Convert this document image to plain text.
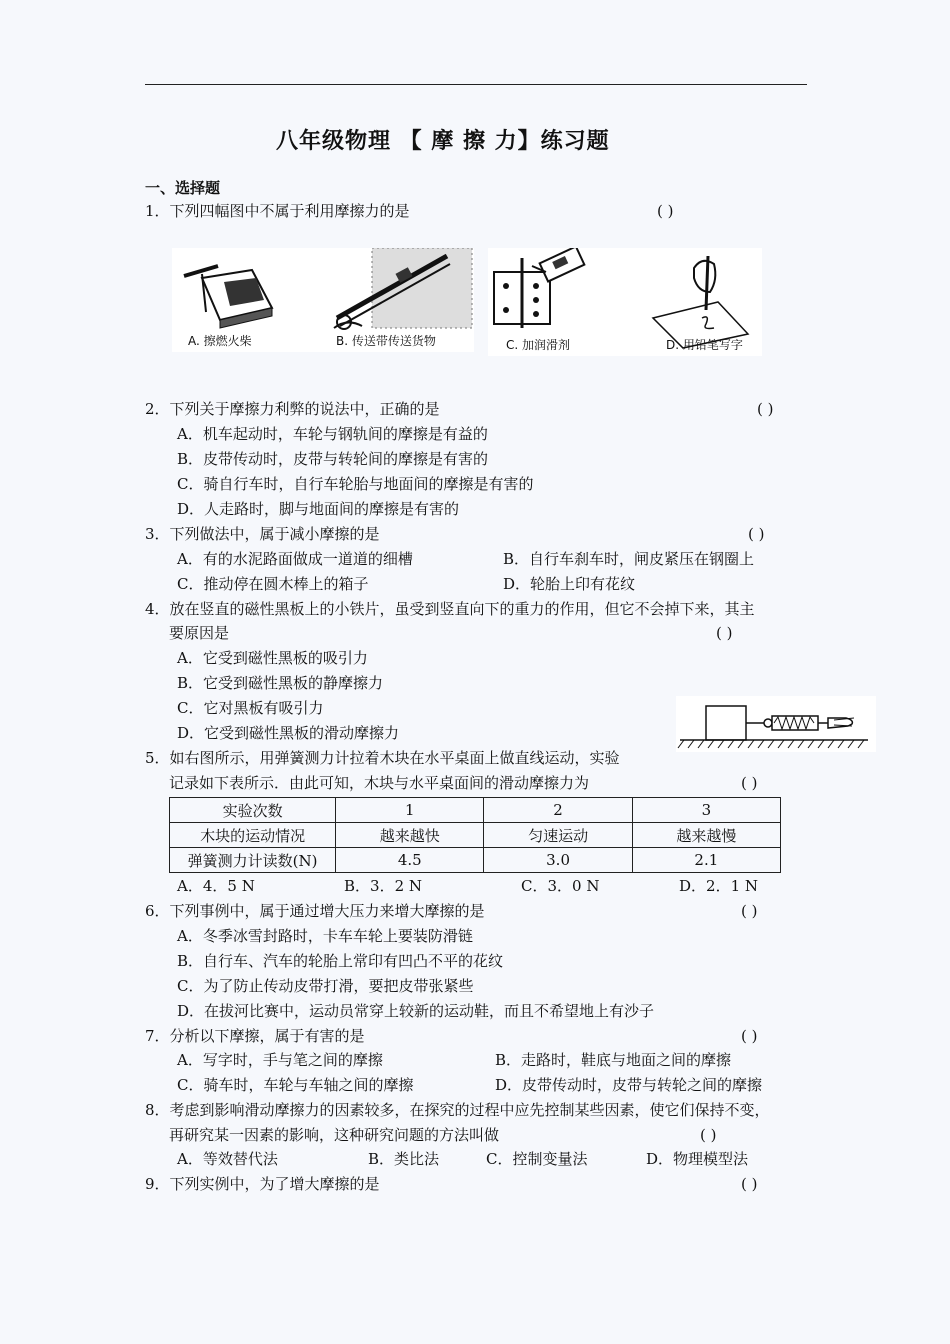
八年级物理 【 摩 擦 力】练习题
一、选择题
1．下列四幅图中不属于利用摩擦力的是	( )
A. 擦燃火柴	B. 传送带传送货物	C. 加润滑剂	D. 用铅笔写字
2．下列关于摩擦力利弊的说法中，正确的是	( )
A．机车起动时，车轮与钢轨间的摩擦是有益的
B．皮带传动时，皮带与转轮间的摩擦是有害的
C．骑自行车时，自行车轮胎与地面间的摩擦是有害的
D．人走路时，脚与地面间的摩擦是有害的
3．下列做法中，属于减小摩擦的是	( )
A．有的水泥路面做成一道道的细槽	B．自行车刹车时，闸皮紧压在钢圈上
C．推动停在圆木棒上的箱子	D．轮胎上印有花纹
4．放在竖直的磁性黑板上的小铁片，虽受到竖直向下的重力的作用，但它不会掉下来，其主
要原因是	( )
A．它受到磁性黑板的吸引力
B．它受到磁性黑板的静摩擦力
C．它对黑板有吸引力
D．它受到磁性黑板的滑动摩擦力
5．如右图所示，用弹簧测力计拉着木块在水平桌面上做直线运动，实验
记录如下表所示．由此可知，木块与水平桌面间的滑动摩擦力为	( )
实验次数	1	2	3
木块的运动情况	越来越快	匀速运动	越来越慢
弹簧测力计读数(N)	4.5	3.0	2.1
A．4．5 N	B．3．2 N	C．3．0 N	D．2．1 N
6．下列事例中，属于通过增大压力来增大摩擦的是	( )
A．冬季冰雪封路时，卡车车轮上要装防滑链
B．自行车、汽车的轮胎上常印有凹凸不平的花纹
C．为了防止传动皮带打滑，要把皮带张紧些
D．在拔河比赛中，运动员常穿上较新的运动鞋，而且不希望地上有沙子
7．分析以下摩擦，属于有害的是	( )
A．写字时，手与笔之间的摩擦	B．走路时，鞋底与地面之间的摩擦
C．骑车时，车轮与车轴之间的摩擦	D．皮带传动时，皮带与转轮之间的摩擦
8．考虑到影响滑动摩擦力的因素较多，在探究的过程中应先控制某些因素，使它们保持不变，
再研究某一因素的影响，这种研究问题的方法叫做	( )
A．等效替代法	B．类比法	C．控制变量法	D．物理模型法
9．下列实例中，为了增大摩擦的是	( )
